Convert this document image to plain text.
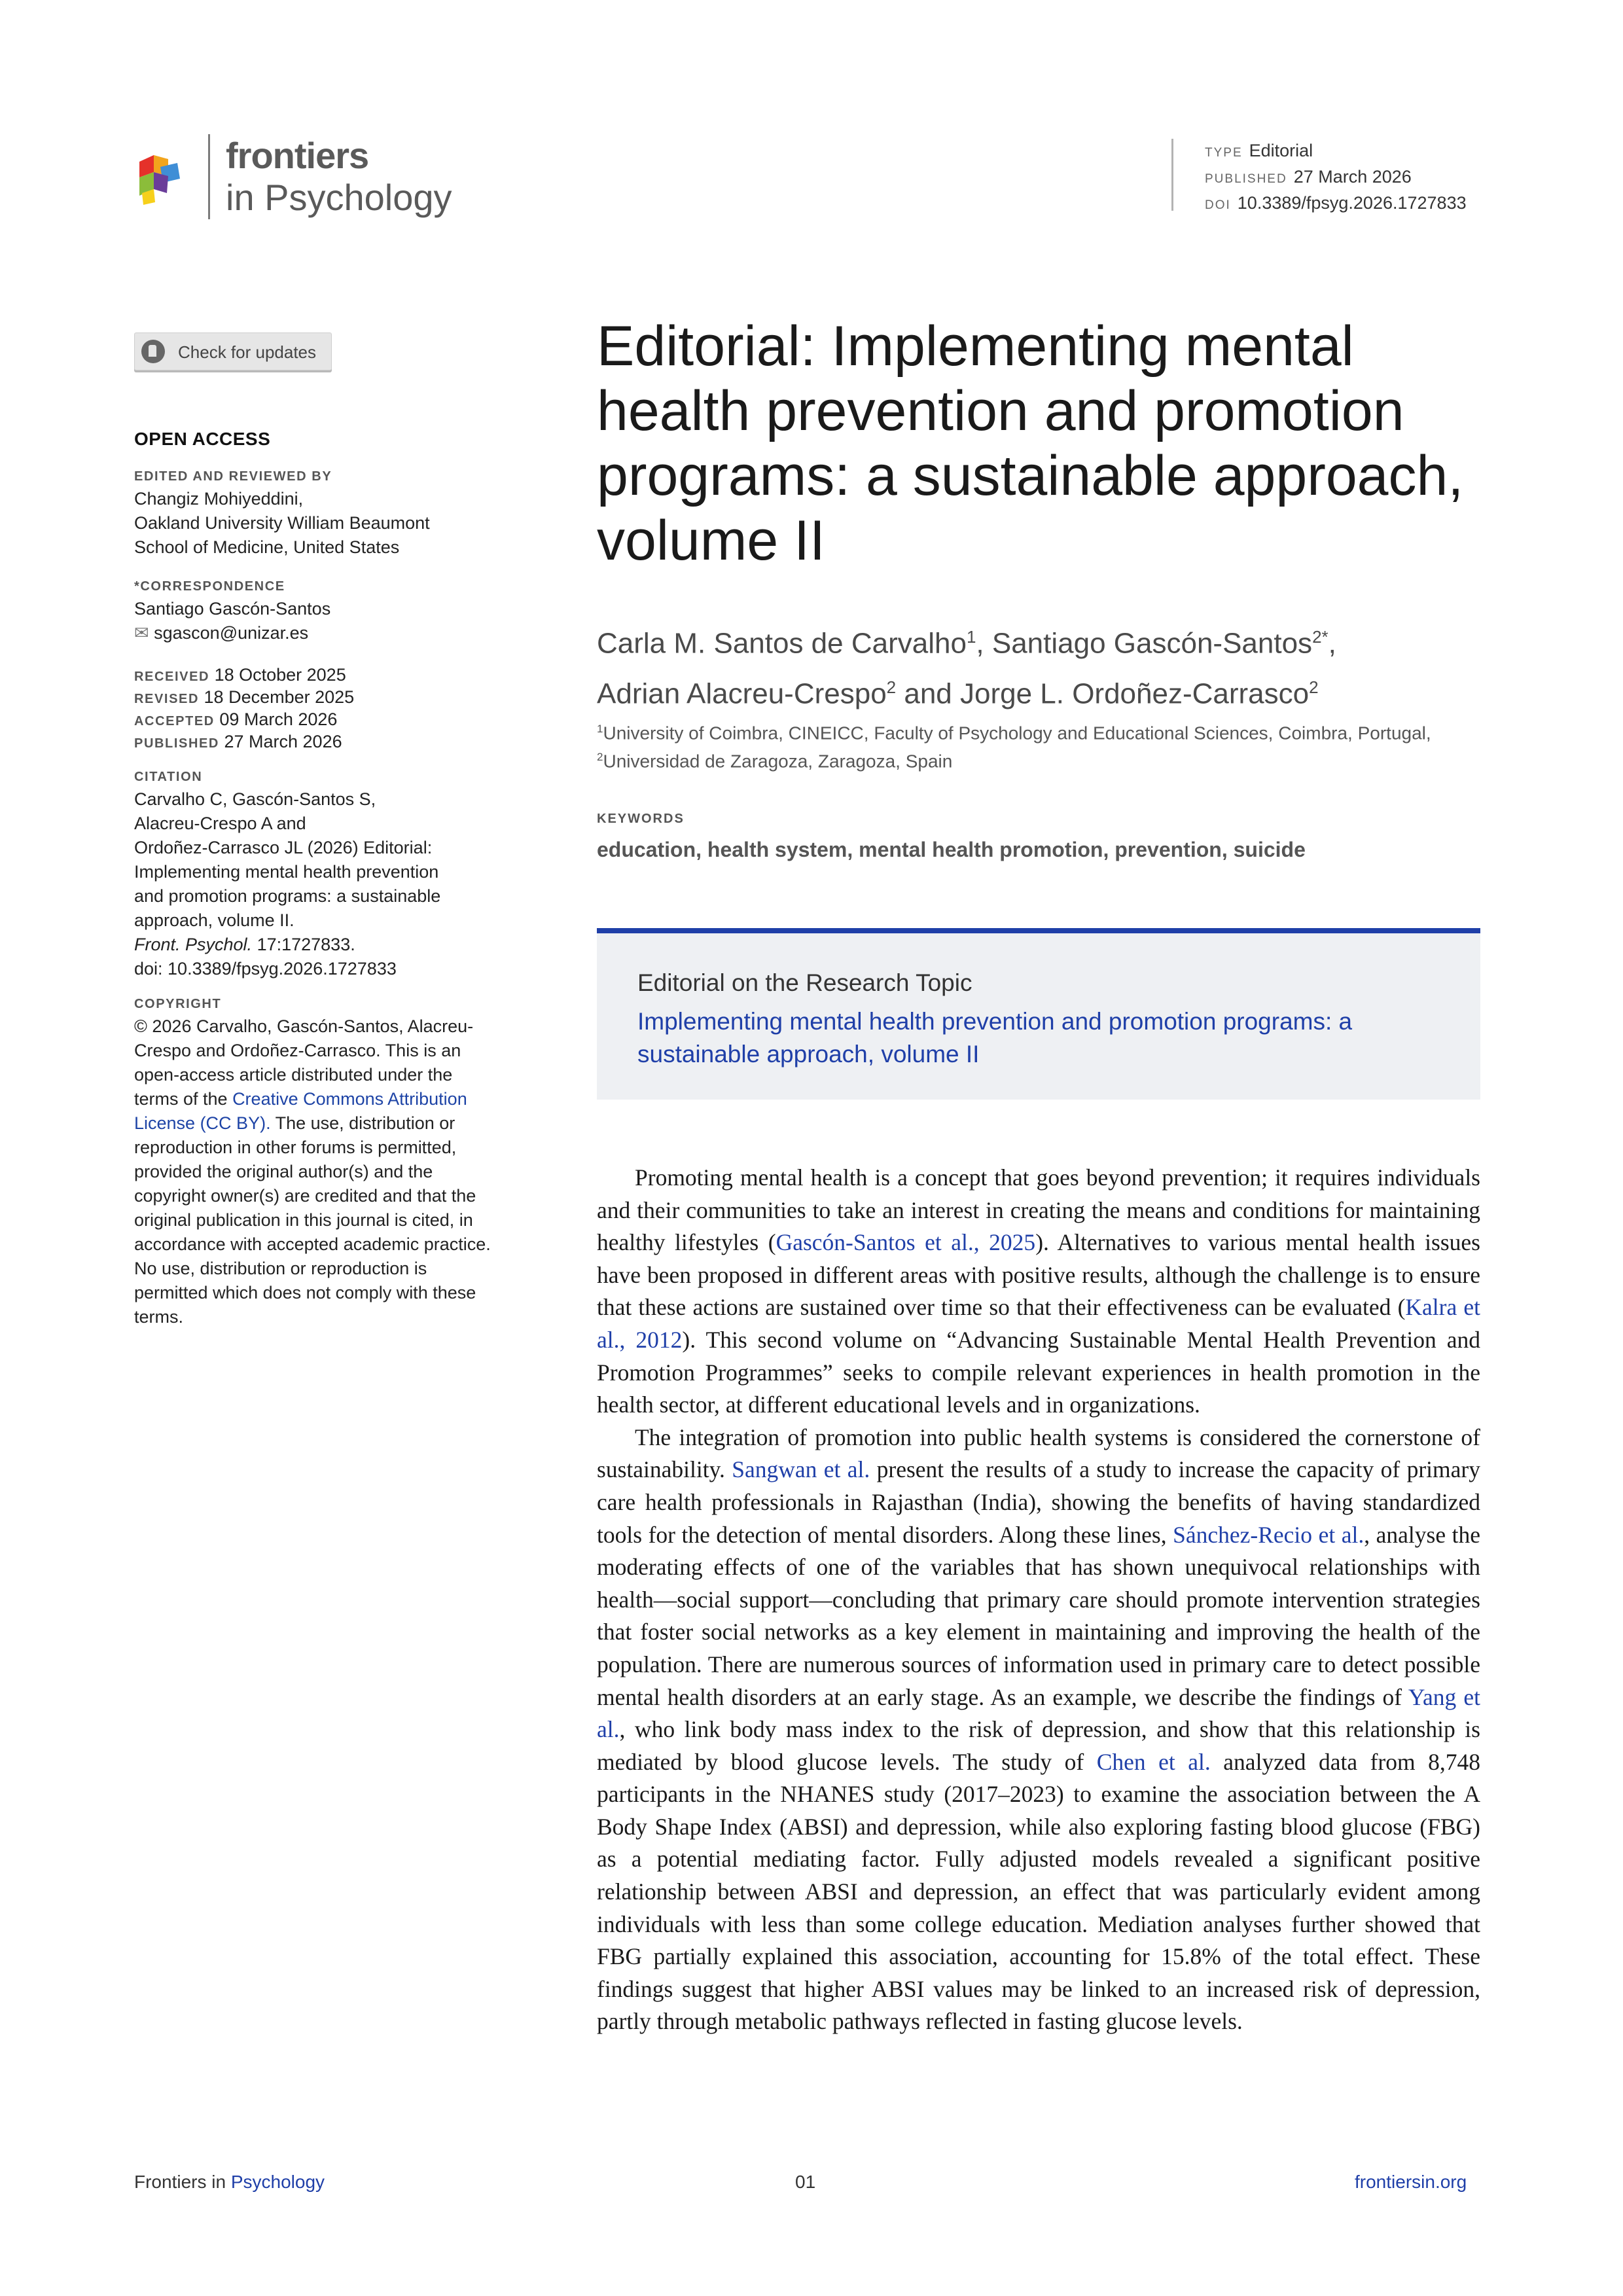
frontiers
in Psychology
TYPE Editorial
PUBLISHED 27 March 2026
DOI 10.3389/fpsyg.2026.1727833
Check for updates
OPEN ACCESS
EDITED AND REVIEWED BY
Changiz Mohiyeddini,
Oakland University William Beaumont
School of Medicine, United States
*CORRESPONDENCE
Santiago Gascón-Santos
✉ sgascon@unizar.es
RECEIVED 18 October 2025
REVISED 18 December 2025
ACCEPTED 09 March 2026
PUBLISHED 27 March 2026
CITATION
Carvalho C, Gascón-Santos S,
Alacreu-Crespo A and
Ordoñez-Carrasco JL (2026) Editorial:
Implementing mental health prevention
and promotion programs: a sustainable
approach, volume II.
Front. Psychol. 17:1727833.
doi: 10.3389/fpsyg.2026.1727833
COPYRIGHT
© 2026 Carvalho, Gascón-Santos, Alacreu-Crespo and Ordoñez-Carrasco. This is an open-access article distributed under the terms of the Creative Commons Attribution License (CC BY). The use, distribution or reproduction in other forums is permitted, provided the original author(s) and the copyright owner(s) are credited and that the original publication in this journal is cited, in accordance with accepted academic practice. No use, distribution or reproduction is permitted which does not comply with these terms.
Editorial: Implementing mental health prevention and promotion programs: a sustainable approach, volume II
Carla M. Santos de Carvalho$^1$, Santiago Gascón-Santos$^{2*}$,
Adrian Alacreu-Crespo$^2$ and Jorge L. Ordoñez-Carrasco$^2$
$^1$University of Coimbra, CINEICC, Faculty of Psychology and Educational Sciences, Coimbra, Portugal,
$^2$Universidad de Zaragoza, Zaragoza, Spain
KEYWORDS
education, health system, mental health promotion, prevention, suicide
Editorial on the Research Topic
Implementing mental health prevention and promotion programs: a sustainable approach, volume II

Promoting mental health is a concept that goes beyond prevention; it requires individuals and their communities to take an interest in creating the means and conditions for maintaining healthy lifestyles (Gascón-Santos et al., 2025). Alternatives to various mental health issues have been proposed in different areas with positive results, although the challenge is to ensure that these actions are sustained over time so that their effectiveness can be evaluated (Kalra et al., 2012). This second volume on “Advancing Sustainable Mental Health Prevention and Promotion Programmes” seeks to compile relevant experiences in health promotion in the health sector, at different educational levels and in organizations.

The integration of promotion into public health systems is considered the cornerstone of sustainability. Sangwan et al. present the results of a study to increase the capacity of primary care health professionals in Rajasthan (India), showing the benefits of having standardized tools for the detection of mental disorders. Along these lines, Sánchez-Recio et al., analyse the moderating effects of one of the variables that has shown unequivocal relationships with health—social support—concluding that primary care should promote intervention strategies that foster social networks as a key element in maintaining and improving the health of the population. There are numerous sources of information used in primary care to detect possible mental health disorders at an early stage. As an example, we describe the findings of Yang et al., who link body mass index to the risk of depression, and show that this relationship is mediated by blood glucose levels. The study of Chen et al. analyzed data from 8,748 participants in the NHANES study (2017–2023) to examine the association between the A Body Shape Index (ABSI) and depression, while also exploring fasting blood glucose (FBG) as a potential mediating factor. Fully adjusted models revealed a significant positive relationship between ABSI and depression, an effect that was particularly evident among individuals with less than some college education. Mediation analyses further showed that FBG partially explained this association, accounting for 15.8% of the total effect. These findings suggest that higher ABSI values may be linked to an increased risk of depression, partly through metabolic pathways reflected in fasting glucose levels.

Frontiers in Psychology	01	frontiersin.org
